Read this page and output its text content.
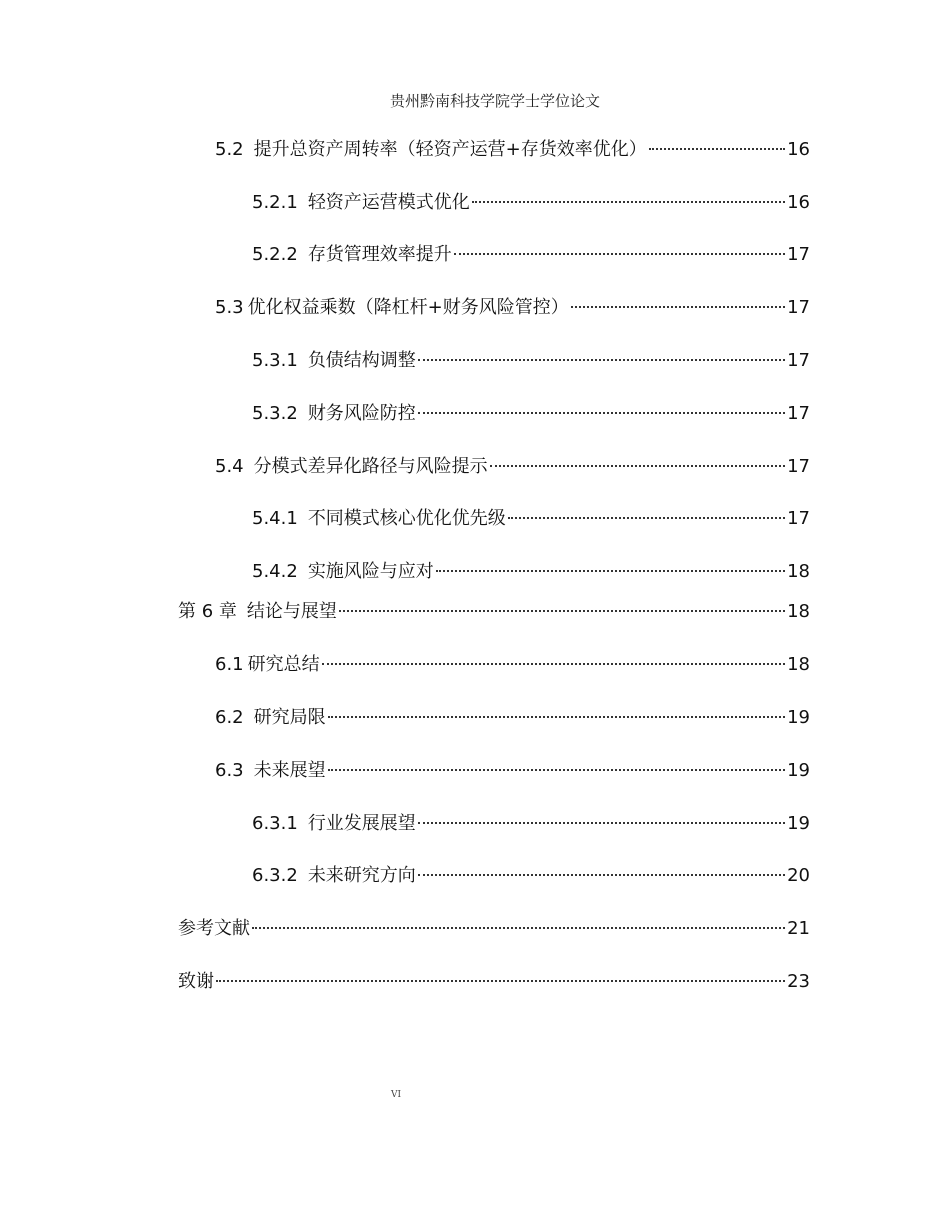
贵州黔南科技学院学士学位论文
5.2 提升总资产周转率（轻资产运营+存货效率优化）	16
5.2.1 轻资产运营模式优化	16
5.2.2 存货管理效率提升	17
5.3 优化权益乘数（降杠杆+财务风险管控）	17
5.3.1 负债结构调整	17
5.3.2 财务风险防控	17
5.4 分模式差异化路径与风险提示	17
5.4.1 不同模式核心优化优先级	17
5.4.2 实施风险与应对	18
第 6 章 结论与展望	18
6.1 研究总结	18
6.2 研究局限	19
6.3 未来展望	19
6.3.1 行业发展展望	19
6.3.2 未来研究方向	20
参考文献	21
致谢	23
VI
